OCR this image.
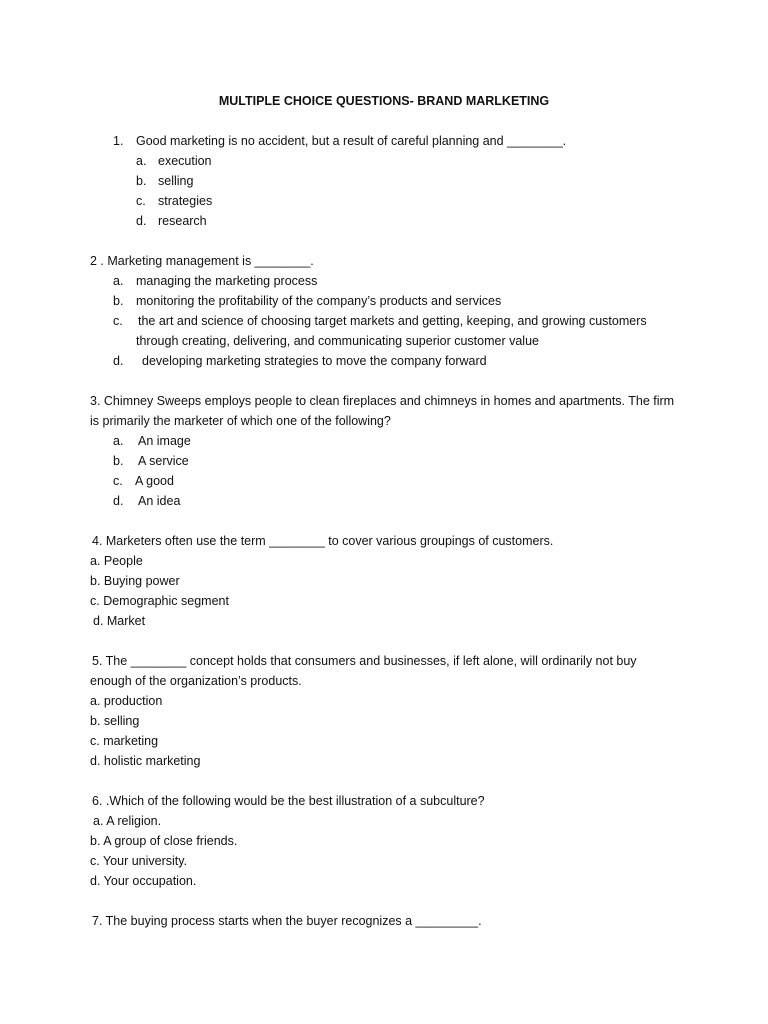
MULTIPLE CHOICE QUESTIONS- BRAND MARLKETING
1. Good marketing is no accident, but a result of careful planning and ________.
a. execution
b. selling
c. strategies
d. research
2 . Marketing management is ________.
a. managing the marketing process
b. monitoring the profitability of the company’s products and services
c. the art and science of choosing target markets and getting, keeping, and growing customers
through creating, delivering, and communicating superior customer value
d. developing marketing strategies to move the company forward
3. Chimney Sweeps employs people to clean fireplaces and chimneys in homes and apartments. The firm
is primarily the marketer of which one of the following?
a. An image
b. A service
c. A good
d. An idea
4. Marketers often use the term ________ to cover various groupings of customers.
a. People
b. Buying power
c. Demographic segment
d. Market
5. The ________ concept holds that consumers and businesses, if left alone, will ordinarily not buy
enough of the organization’s products.
a. production
b. selling
c. marketing
d. holistic marketing
6. .Which of the following would be the best illustration of a subculture?
a. A religion.
b. A group of close friends.
c. Your university.
d. Your occupation.
7. The buying process starts when the buyer recognizes a _________.
